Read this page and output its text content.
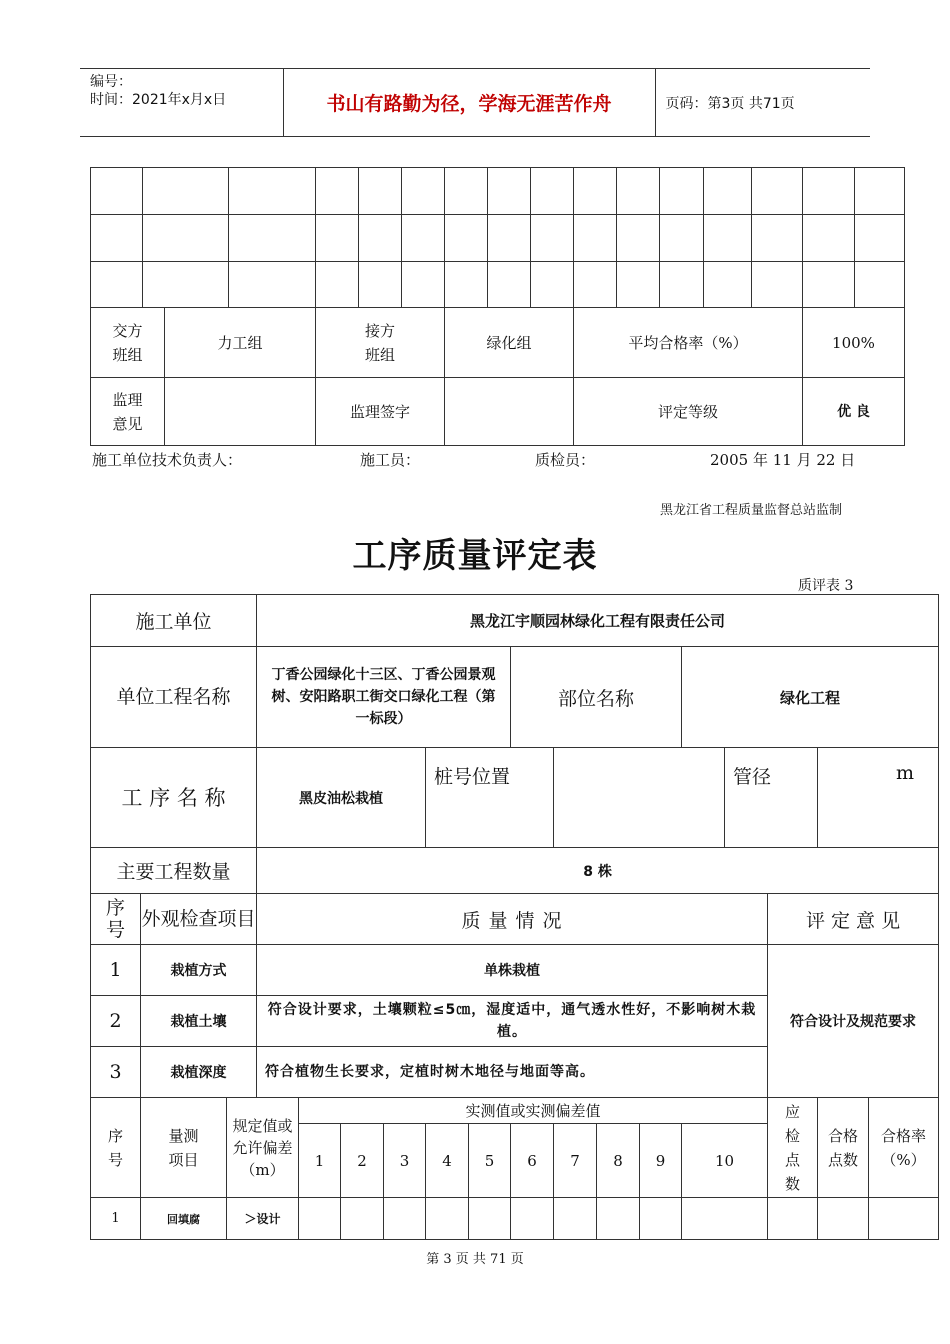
编号：
时间：2021年x月x日	书山有路勤为径，学海无涯苦作舟	页码：第3页 共71页

交方班组		力工组		接方班组			绿化组			平均合格率（%）					100%	

监理意见				监理签字						评定等级					优 良	
施工单位技术负责人：	施工员：	质检员：	2005 年 11 月 22 日
黑龙江省工程质量监督总站监制
工序质量评定表
质评表 3
施工单位			黑龙江宇顺园林绿化工程有限责任公司														
单位工程名称			丁香公园绿化十三区、丁香公园景观树、安阳路职工街交口绿化工程（第一标段）						部位名称				绿化工程				
工 序 名 称			黑皮油松栽植				桩号位置							管径		m	
主要工程数量			8 株														

序号	外观检查项目		质 量 情 况												评 定 意 见		
1	栽植方式		单株栽植												符合设计及规范要求		
2	栽植土壤		符合设计要求，土壤颗粒≤5㎝，湿度适中，通气透水性好，不影响树木栽植。														
3	栽植深度		符合植物生长要求，定植时树木地径与地面等高。														

序号	量测项目	规定值或允许偏差（m）		实测值或实测偏差值											应检点数	合格点数	合格率（%）
				1	2	3	4	5	6	7	8	9	10				
1	回填腐	＞设计															
第 3 页 共 71 页
